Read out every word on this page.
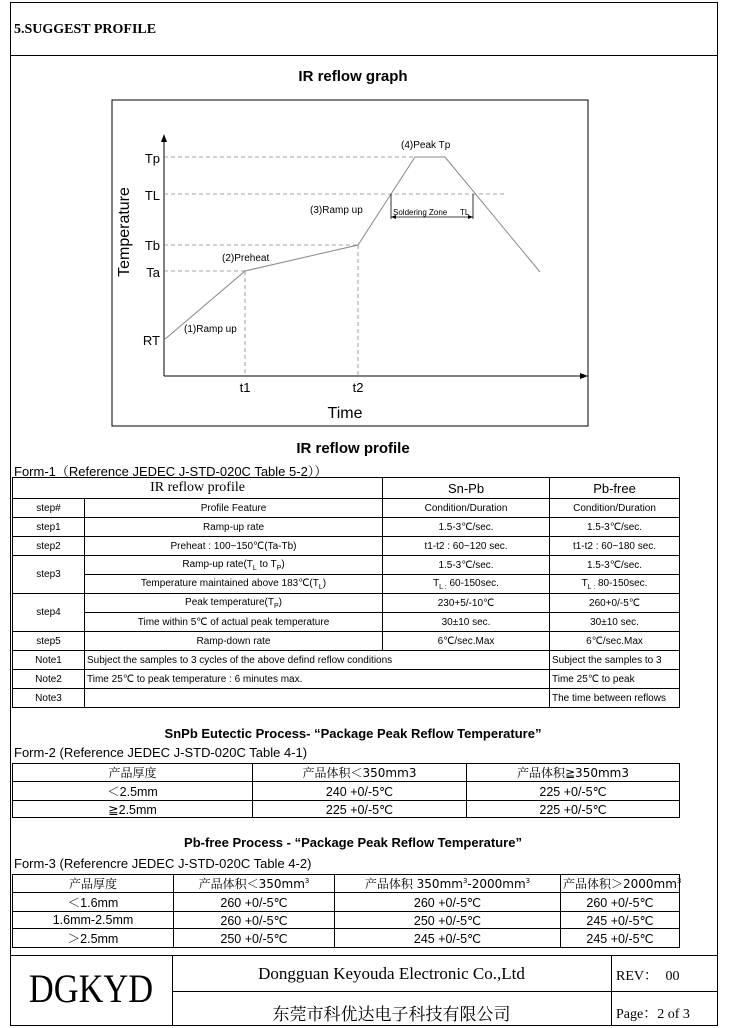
5.SUGGEST PROFILE
IR reflow graph
Tp
TL
Tb
Ta
RT
t1	t2
Temperature
Time
(1)Ramp up
(2)Preheat
(3)Ramp up
(4)Peak Tp
Soldering Zone TL
IR reflow profile
Form-1（Reference JEDEC J-STD-020C Table 5-2））
IR reflow profile		Sn-Pb	Pb-free
step#	Profile Feature	Condition/Duration	Condition/Duration
step1	Ramp-up rate	1.5-3℃/sec.	1.5-3℃/sec.
step2	Preheat : 100~150℃(Ta-Tb)	t1-t2 : 60~120 sec.	t1-t2 : 60~180 sec.
step3	Ramp-up $rate(T_L$ to $T_P$)	1.5-3℃/sec.	1.5-3℃/sec.
	Temperature maintained above $183℃(T_L)$	$T_{L :}$ 60-150sec.	$T_{L :}$ 80-150sec.
step4	Peak $temperature(T_P)$	230+5/-10℃	260+0/-5℃
	Time within 5℃ of actual peak temperature	30±10 sec.	30±10 sec.
step5	Ramp-down rate	6℃/sec.Max	6℃/sec.Max
Note1	Subject the samples to 3 cycles of the above defind reflow conditions		Subject the samples to 3
Note2	Time 25℃ to peak temperature : 6 minutes max.		Time 25℃ to peak
Note3			The time between reflows
SnPb Eutectic Process- “Package Peak Reflow Temperature”
Form-2 (Reference JEDEC J-STD-020C Table 4-1)
产品厚度	产品体积＜350mm3	产品体积≧350mm3
＜2.5mm	240 +0/-5℃	225 +0/-5℃
≧2.5mm	225 +0/-5℃	225 +0/-5℃
Pb-free Process - “Package Peak Reflow Temperature”
Form-3 (Referencre JEDEC J-STD-020C Table 4-2)
产品厚度	产品体积$<350mm^3$	产品体积 $350mm^3-2000mm^3$	产品体积$>2000mm^3$
＜1.6mm	260 +0/-5℃	260 +0/-5℃	260 +0/-5℃
1.6mm-2.5mm	260 +0/-5℃	250 +0/-5℃	245 +0/-5℃
＞2.5mm	250 +0/-5℃	245 +0/-5℃	245 +0/-5℃
DGKYD	Dongguan Keyouda Electronic Co.,Ltd
东莞市科优达电子科技有限公司
REV： 00
Page：2 of 3
